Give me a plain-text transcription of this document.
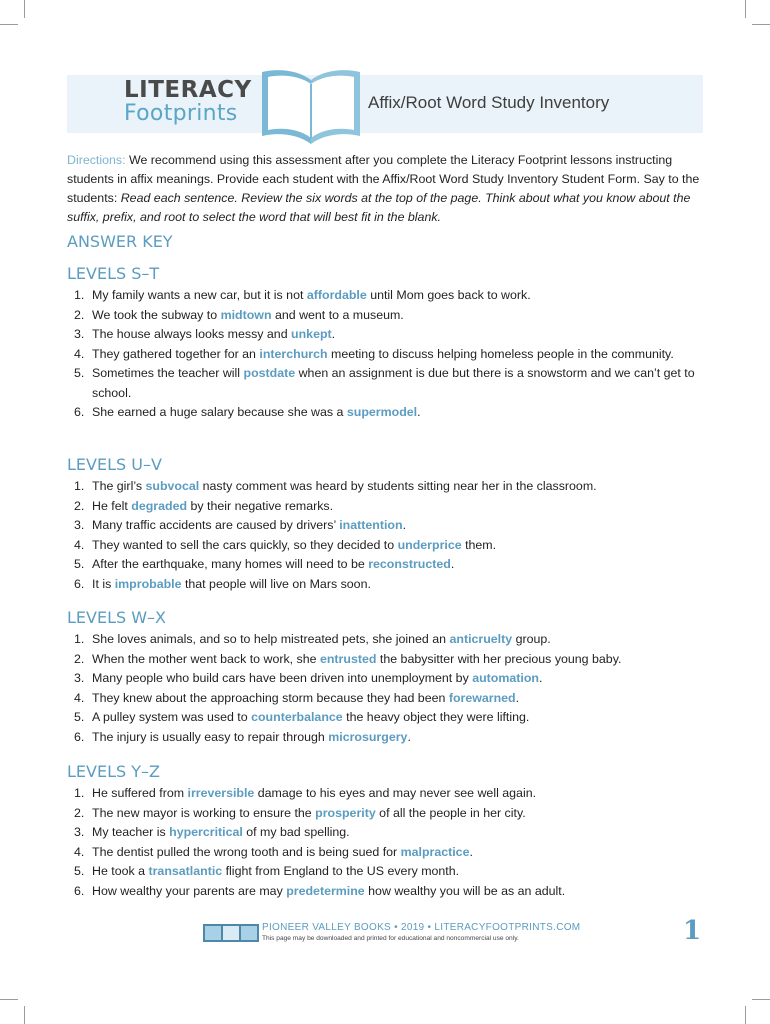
LITERACY
Footprints	Affix/Root Word Study Inventory
Directions: We recommend using this assessment after you complete the Literacy Footprint lessons instructing students in affix meanings. Provide each student with the Affix/Root Word Study Inventory Student Form. Say to the students: Read each sentence. Review the six words at the top of the page. Think about what you know about the suffix, prefix, and root to select the word that will best fit in the blank.
ANSWER KEY
LEVELS S–T
1. My family wants a new car, but it is not affordable until Mom goes back to work.
2. We took the subway to midtown and went to a museum.
3. The house always looks messy and unkept.
4. They gathered together for an interchurch meeting to discuss helping homeless people in the community.
5. Sometimes the teacher will postdate when an assignment is due but there is a snowstorm and we can’t get to school.
6. She earned a huge salary because she was a supermodel.
LEVELS U–V
1. The girl’s subvocal nasty comment was heard by students sitting near her in the classroom.
2. He felt degraded by their negative remarks.
3. Many traffic accidents are caused by drivers’ inattention.
4. They wanted to sell the cars quickly, so they decided to underprice them.
5. After the earthquake, many homes will need to be reconstructed.
6. It is improbable that people will live on Mars soon.
LEVELS W–X
1. She loves animals, and so to help mistreated pets, she joined an anticruelty group.
2. When the mother went back to work, she entrusted the babysitter with her precious young baby.
3. Many people who build cars have been driven into unemployment by automation.
4. They knew about the approaching storm because they had been forewarned.
5. A pulley system was used to counterbalance the heavy object they were lifting.
6. The injury is usually easy to repair through microsurgery.
LEVELS Y–Z
1. He suffered from irreversible damage to his eyes and may never see well again.
2. The new mayor is working to ensure the prosperity of all the people in her city.
3. My teacher is hypercritical of my bad spelling.
4. The dentist pulled the wrong tooth and is being sued for malpractice.
5. He took a transatlantic flight from England to the US every month.
6. How wealthy your parents are may predetermine how wealthy you will be as an adult.
PIONEER VALLEY BOOKS • 2019 • LITERACYFOOTPRINTS.COM
This page may be downloaded and printed for educational and noncommercial use only.	1
